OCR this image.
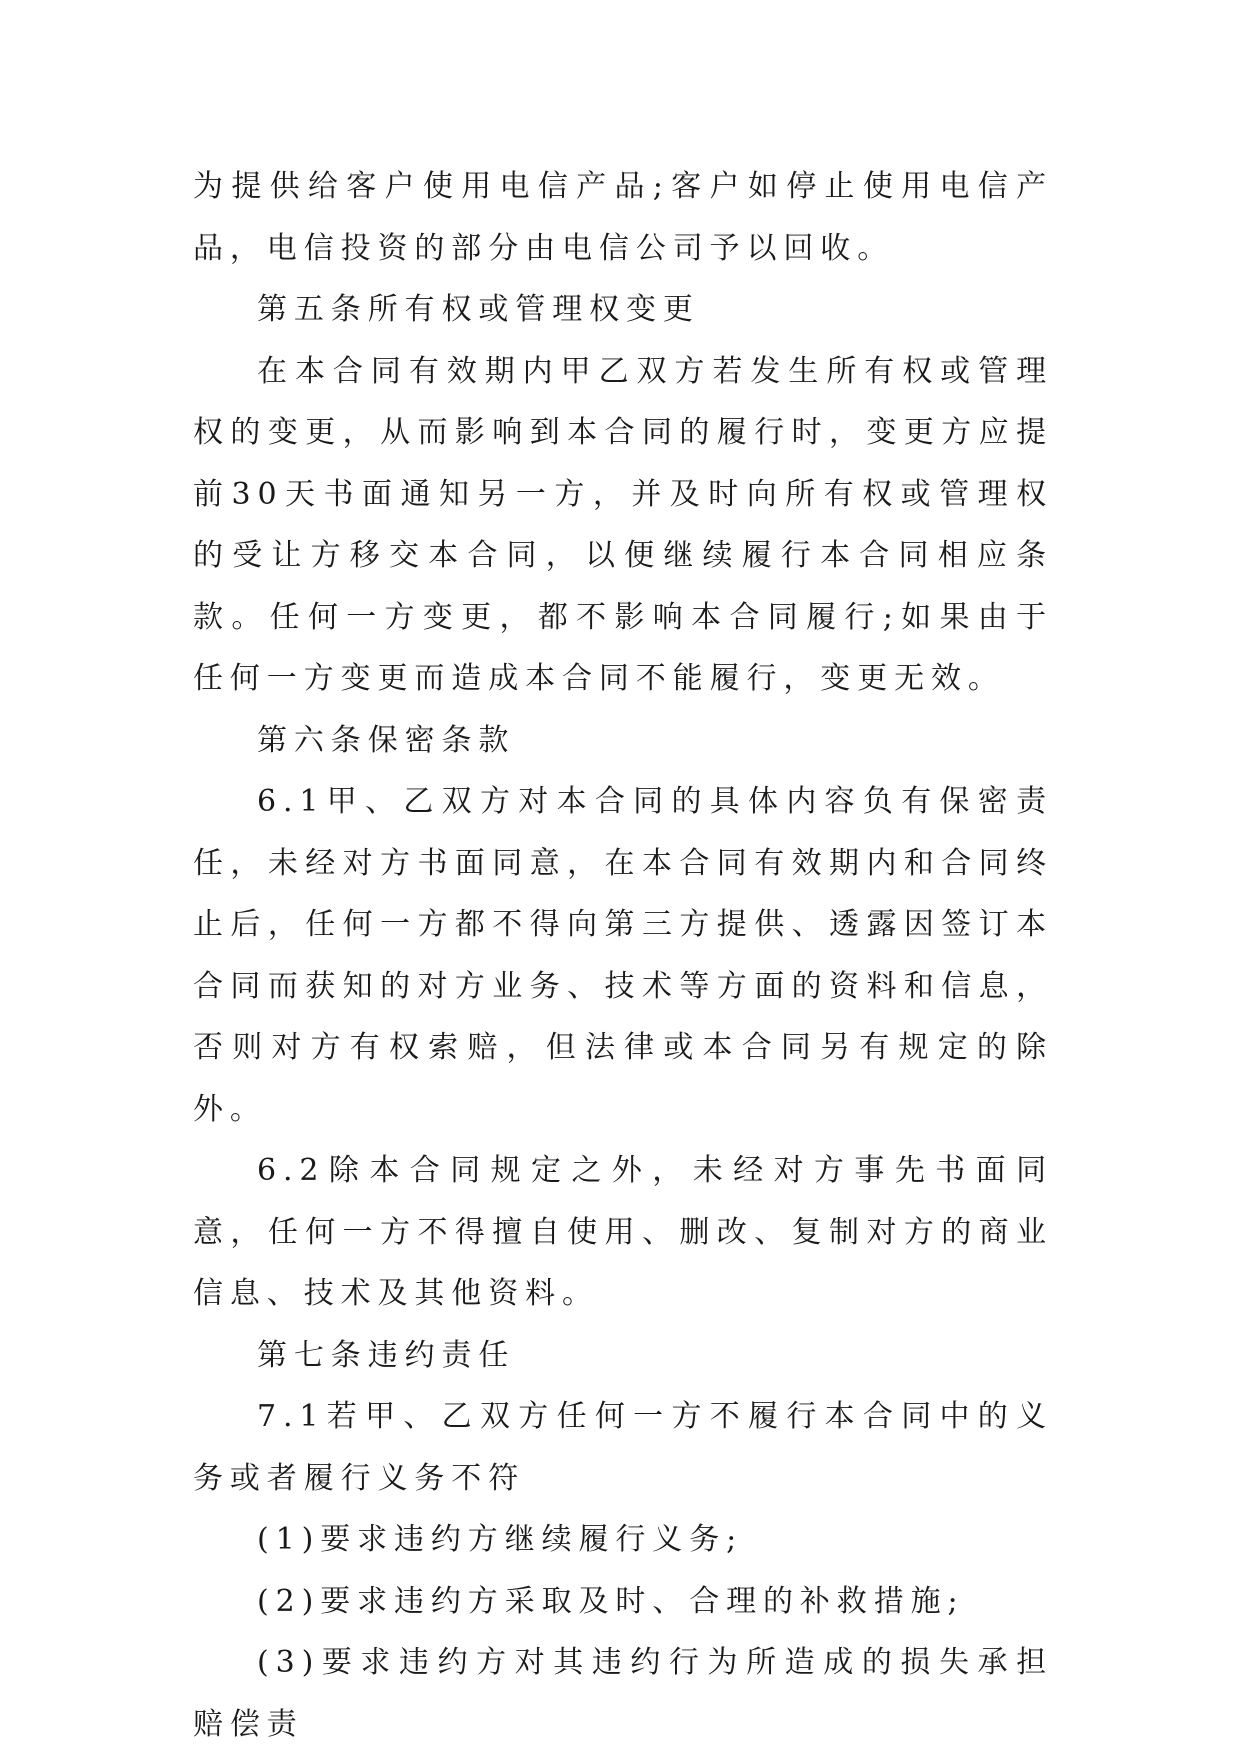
为提供给客户使用电信产品;客户如停止使用电信产品，电信投资的部分由电信公司予以回收。

第五条所有权或管理权变更

在本合同有效期内甲乙双方若发生所有权或管理权的变更，从而影响到本合同的履行时，变更方应提前30天书面通知另一方，并及时向所有权或管理权的受让方移交本合同，以便继续履行本合同相应条款。任何一方变更，都不影响本合同履行;如果由于任何一方变更而造成本合同不能履行，变更无效。

第六条保密条款

6.1甲、乙双方对本合同的具体内容负有保密责任，未经对方书面同意，在本合同有效期内和合同终止后，任何一方都不得向第三方提供、透露因签订本合同而获知的对方业务、技术等方面的资料和信息，否则对方有权索赔，但法律或本合同另有规定的除外。

6.2除本合同规定之外，未经对方事先书面同意，任何一方不得擅自使用、删改、复制对方的商业信息、技术及其他资料。

第七条违约责任

7.1若甲、乙双方任何一方不履行本合同中的义务或者履行义务不符

(1)要求违约方继续履行义务;

(2)要求违约方采取及时、合理的补救措施;

(3)要求违约方对其违约行为所造成的损失承担赔偿责
